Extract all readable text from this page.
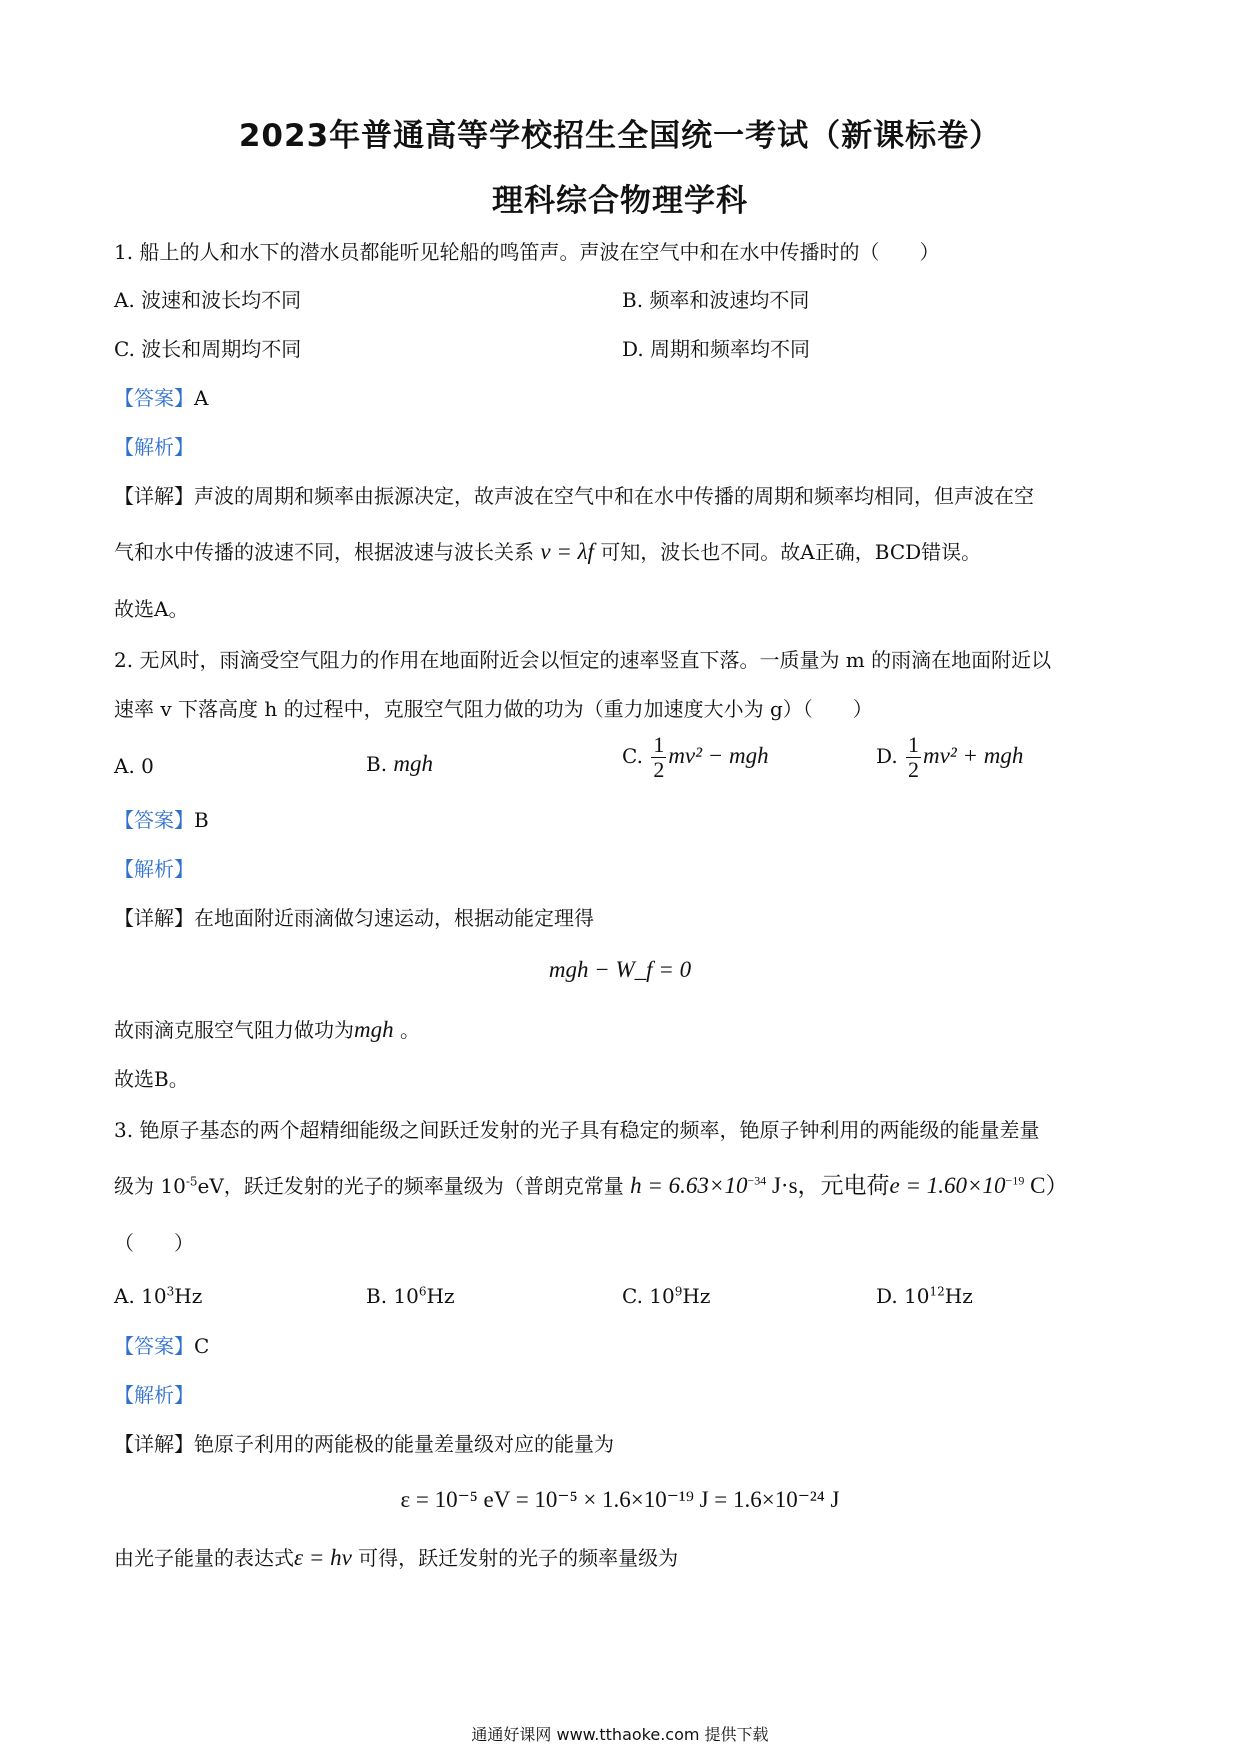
2023年普通高等学校招生全国统一考试（新课标卷）
理科综合物理学科
1. 船上的人和水下的潜水员都能听见轮船的鸣笛声。声波在空气中和在水中传播时的（　　）
A. 波速和波长均不同	B. 频率和波速均不同
C. 波长和周期均不同	D. 周期和频率均不同
【答案】A
【解析】
【详解】声波的周期和频率由振源决定，故声波在空气中和在水中传播的周期和频率均相同，但声波在空
气和水中传播的波速不同，根据波速与波长关系 v = λf 可知，波长也不同。故A正确，BCD错误。
故选A。
2. 无风时，雨滴受空气阻力的作用在地面附近会以恒定的速率竖直下落。一质量为 m 的雨滴在地面附近以
速率 v 下落高度 h 的过程中，克服空气阻力做的功为（重力加速度大小为 g）（　　）
A. 0	B. mgh	C. $\frac{1}{2} mv^2$ − mgh	D. $\frac{1}{2} mv^2$ + mgh
【答案】B
【解析】
【详解】在地面附近雨滴做匀速运动，根据动能定理得
mgh − W_f = 0
故雨滴克服空气阻力做功为mgh 。
故选B。
3. 铯原子基态的两个超精细能级之间跃迁发射的光子具有稳定的频率，铯原子钟利用的两能级的能量差量
级为 $10^{-5}eV$，跃迁发射的光子的频率量级为（普朗克常量 $h = 6.63\times 10^{-34}$ J·s，元电荷$e = 1.60\times 10^{-19}$ C）
（　　）
A. $10^3Hz$	B. $10^6Hz$	C. $10^9Hz$	D. $10^{12}Hz$
【答案】C
【解析】
【详解】铯原子利用的两能极的能量差量级对应的能量为
ε = 10⁻⁵ eV = 10⁻⁵ × 1.6×10⁻¹⁹ J = 1.6×10⁻²⁴ J
由光子能量的表达式ε = hν 可得，跃迁发射的光子的频率量级为
通通好课网 www.tthaoke.com 提供下载
